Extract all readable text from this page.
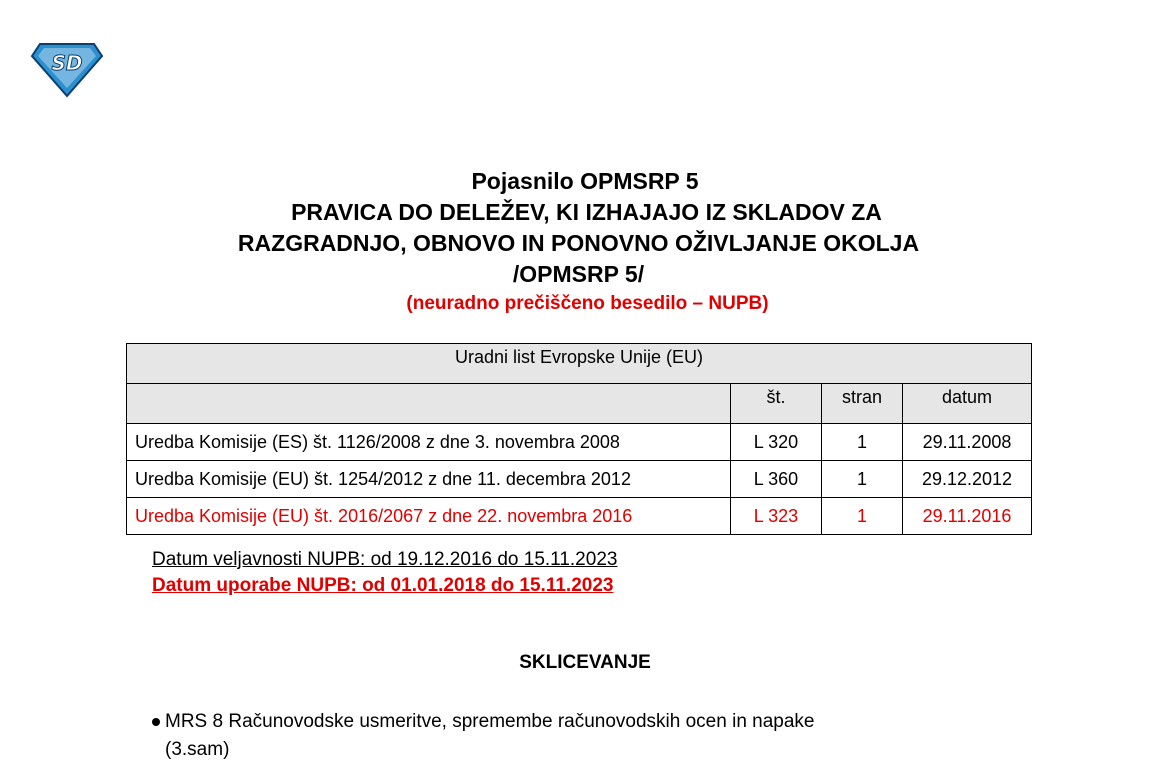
SD
Pojasnilo OPMSRP 5
PRAVICA DO DELEŽEV, KI IZHAJAJO IZ SKLADOV ZA
RAZGRADNJO, OBNOVO IN PONOVNO OŽIVLJANJE OKOLJA
/OPMSRP 5/
(neuradno prečiščeno besedilo – NUPB)
Uradni list Evropske Unije (EU)			
	št.	stran	datum
Uredba Komisije (ES) št. 1126/2008 z dne 3. novembra 2008	L 320	1	29.11.2008
Uredba Komisije (EU) št. 1254/2012 z dne 11. decembra 2012	L 360	1	29.12.2012
Uredba Komisije (EU) št. 2016/2067 z dne 22. novembra 2016	L 323	1	29.11.2016
Datum veljavnosti NUPB: od 19.12.2016 do 15.11.2023
Datum uporabe NUPB: od 01.01.2018 do 15.11.2023
SKLICEVANJE
MRS 8 Računovodske usmeritve, spremembe računovodskih ocen in napake
(3.sam)
